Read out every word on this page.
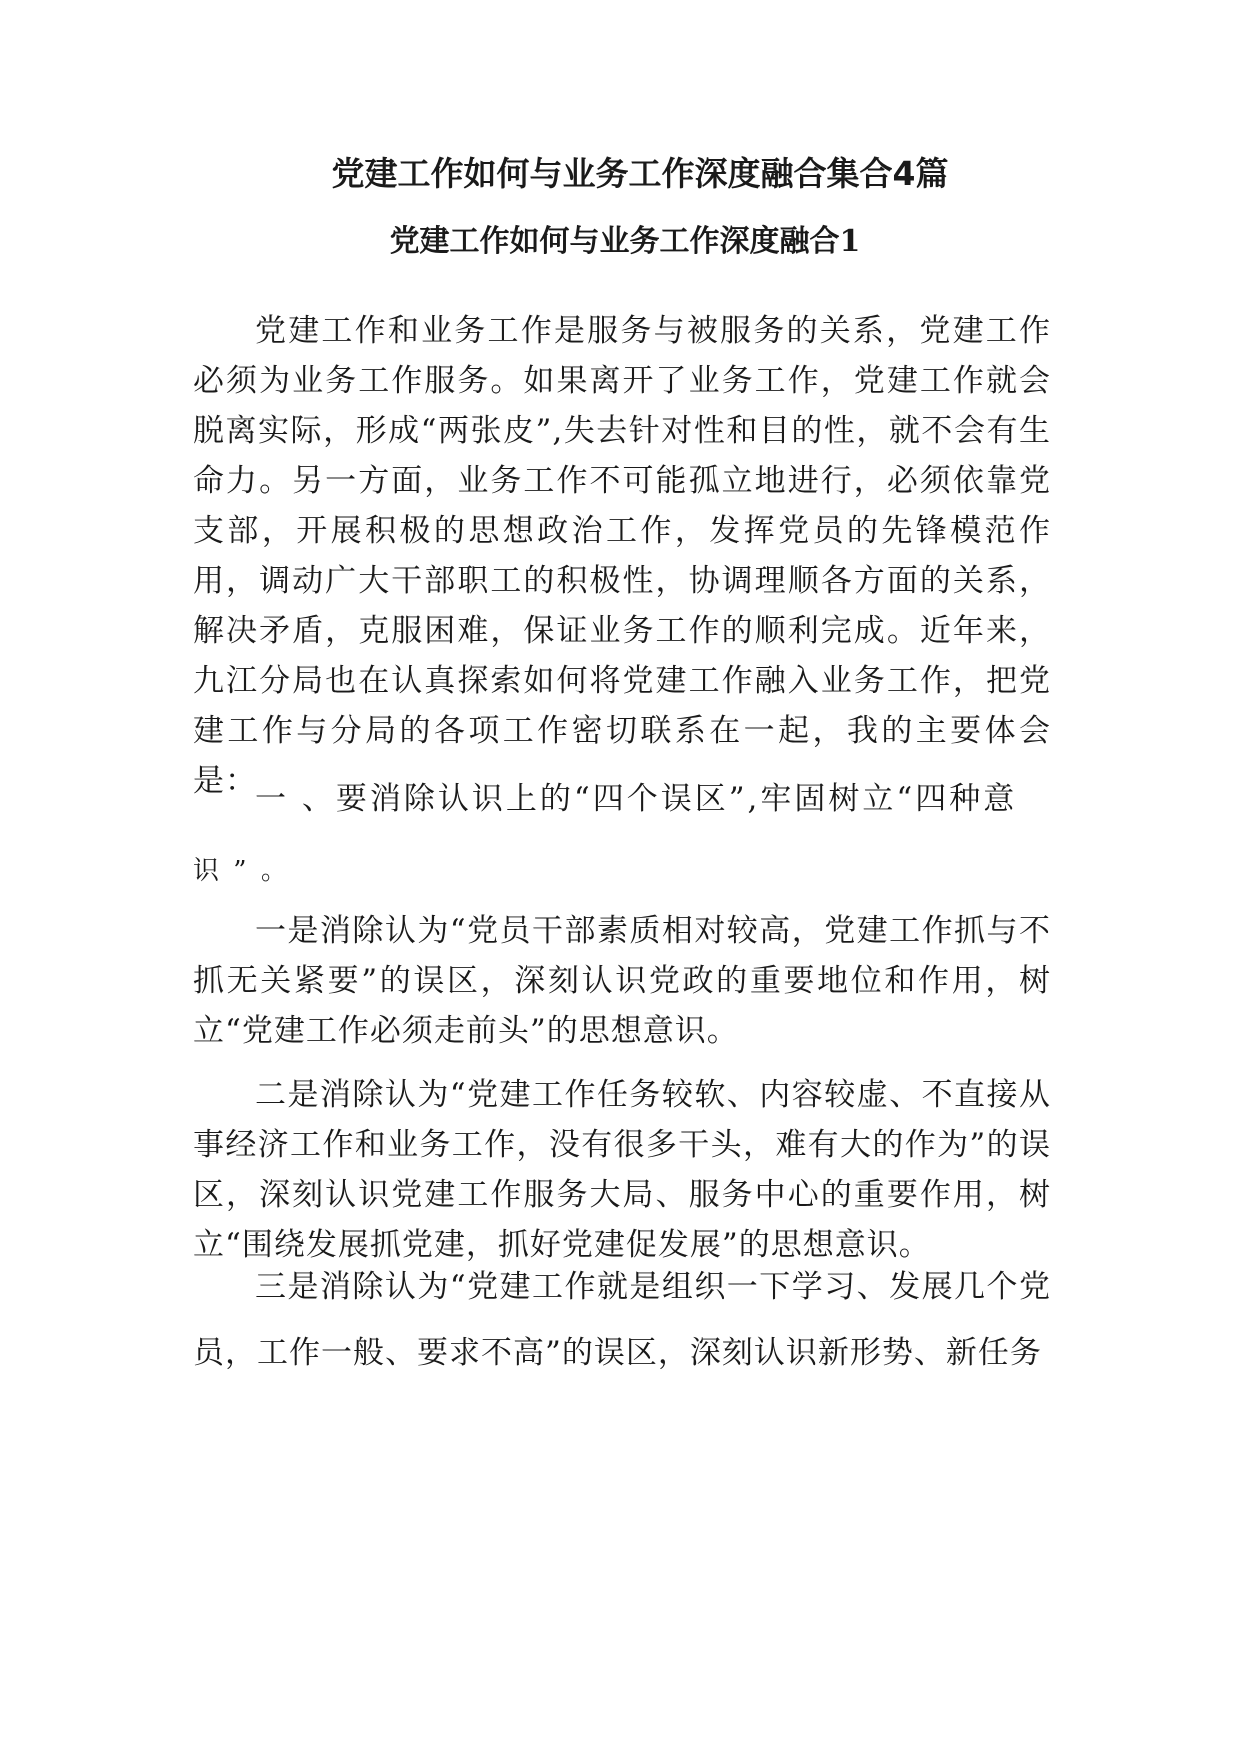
党建工作如何与业务工作深度融合集合4篇
党建工作如何与业务工作深度融合1

党建工作和业务工作是服务与被服务的关系，党建工作必须为业务工作服务。如果离开了业务工作，党建工作就会脱离实际，形成“两张皮”,失去针对性和目的性，就不会有生命力。另一方面，业务工作不可能孤立地进行，必须依靠党支部，开展积极的思想政治工作，发挥党员的先锋模范作用，调动广大干部职工的积极性，协调理顺各方面的关系，解决矛盾，克服困难，保证业务工作的顺利完成。近年来，九江分局也在认真探索如何将党建工作融入业务工作，把党建工作与分局的各项工作密切联系在一起，我的主要体会是：

一 、要消除认识上的“四个误区”,牢固树立“四种意

识 ” 。

一是消除认为“党员干部素质相对较高，党建工作抓与不抓无关紧要”的误区，深刻认识党政的重要地位和作用，树立“党建工作必须走前头”的思想意识。

二是消除认为“党建工作任务较软、内容较虚、不直接从事经济工作和业务工作，没有很多干头，难有大的作为”的误区，深刻认识党建工作服务大局、服务中心的重要作用，树立“围绕发展抓党建，抓好党建促发展”的思想意识。

三是消除认为“党建工作就是组织一下学习、发展几个党员，工作一般、要求不高”的误区，深刻认识新形势、新任务
